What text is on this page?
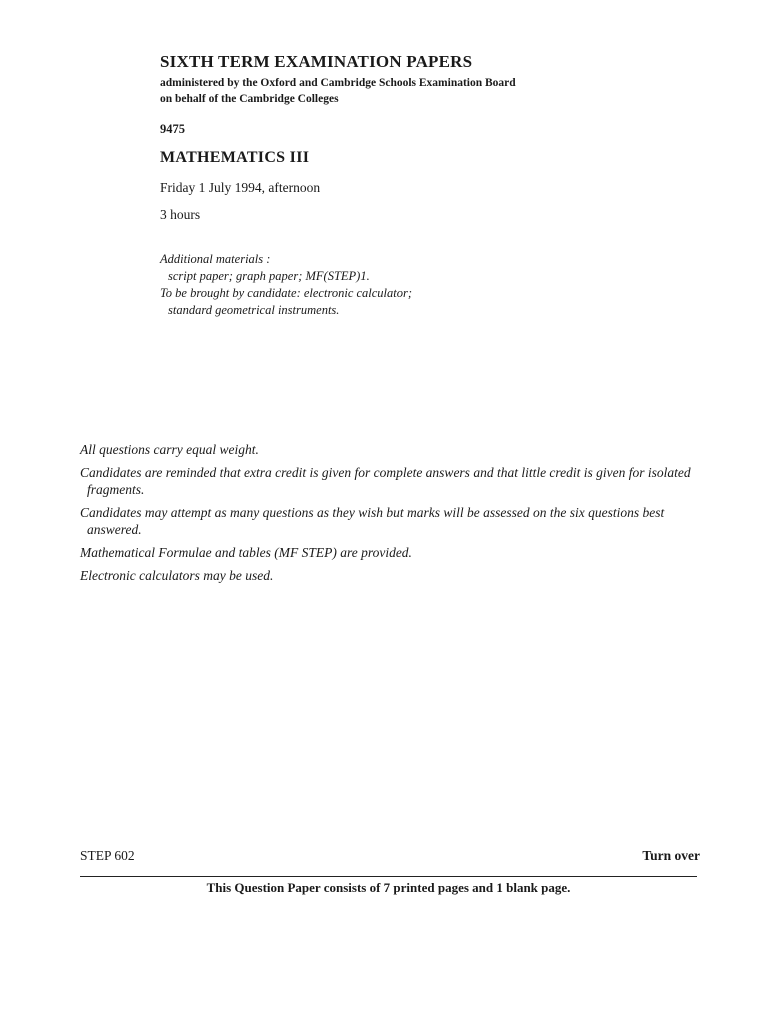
SIXTH TERM EXAMINATION PAPERS
administered by the Oxford and Cambridge Schools Examination Board
on behalf of the Cambridge Colleges
9475
MATHEMATICS III
Friday 1 July 1994, afternoon
3 hours
Additional materials :
script paper; graph paper; MF(STEP)1.
To be brought by candidate: electronic calculator;
standard geometrical instruments.

All questions carry equal weight.

Candidates are reminded that extra credit is given for complete answers and that little credit is given for isolated fragments.

Candidates may attempt as many questions as they wish but marks will be assessed on the six questions best answered.

Mathematical Formulae and tables (MF STEP) are provided.

Electronic calculators may be used.

STEP 602	Turn over
This Question Paper consists of 7 printed pages and 1 blank page.
